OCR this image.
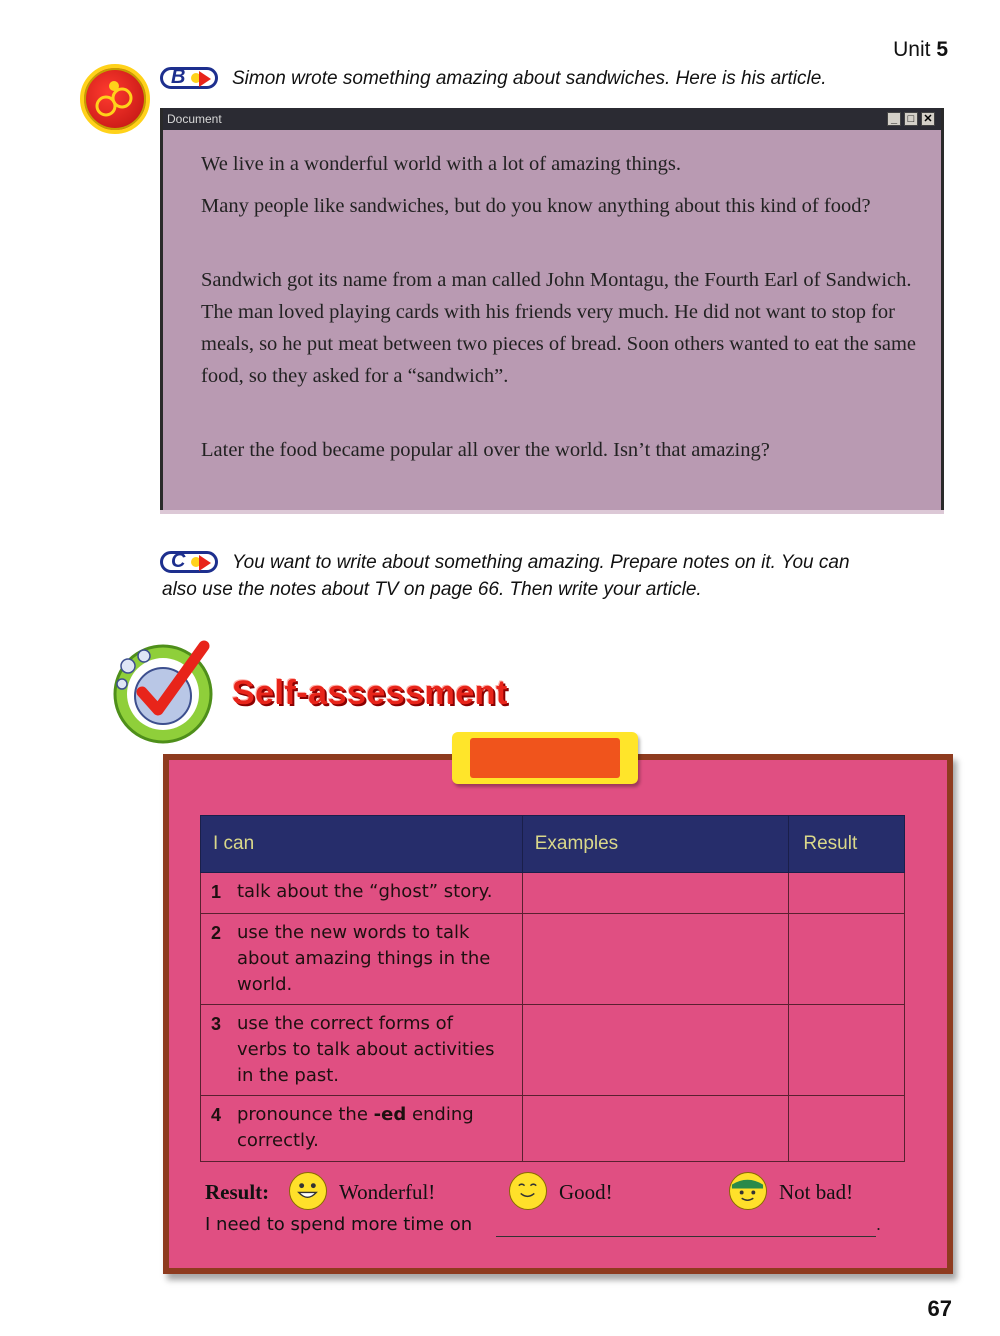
Unit 5
B Simon wrote something amazing about sandwiches. Here is his article.
Document	_ □ ✕
We live in a wonderful world with a lot of amazing things.
Many people like sandwiches, but do you know anything about this kind of food?
Sandwich got its name from a man called John Montagu, the Fourth Earl of Sandwich. The man loved playing cards with his friends very much. He did not want to stop for meals, so he put meat between two pieces of bread. Soon others wanted to eat the same food, so they asked for a “sandwich”.
Later the food became popular all over the world. Isn’t that amazing?
C You want to write about something amazing. Prepare notes on it. You can
also use the notes about TV on page 66. Then write your article.
Self-assessment
I can	Examples	Result
1 talk about the “ghost” story.		
2 use the new words to talk about amazing things in the world.		
3 use the correct forms of verbs to talk about activities in the past.		
4 pronounce the -ed ending correctly.		
Result:	Wonderful!	Good!	Not bad!
I need to spend more time on	.
67
